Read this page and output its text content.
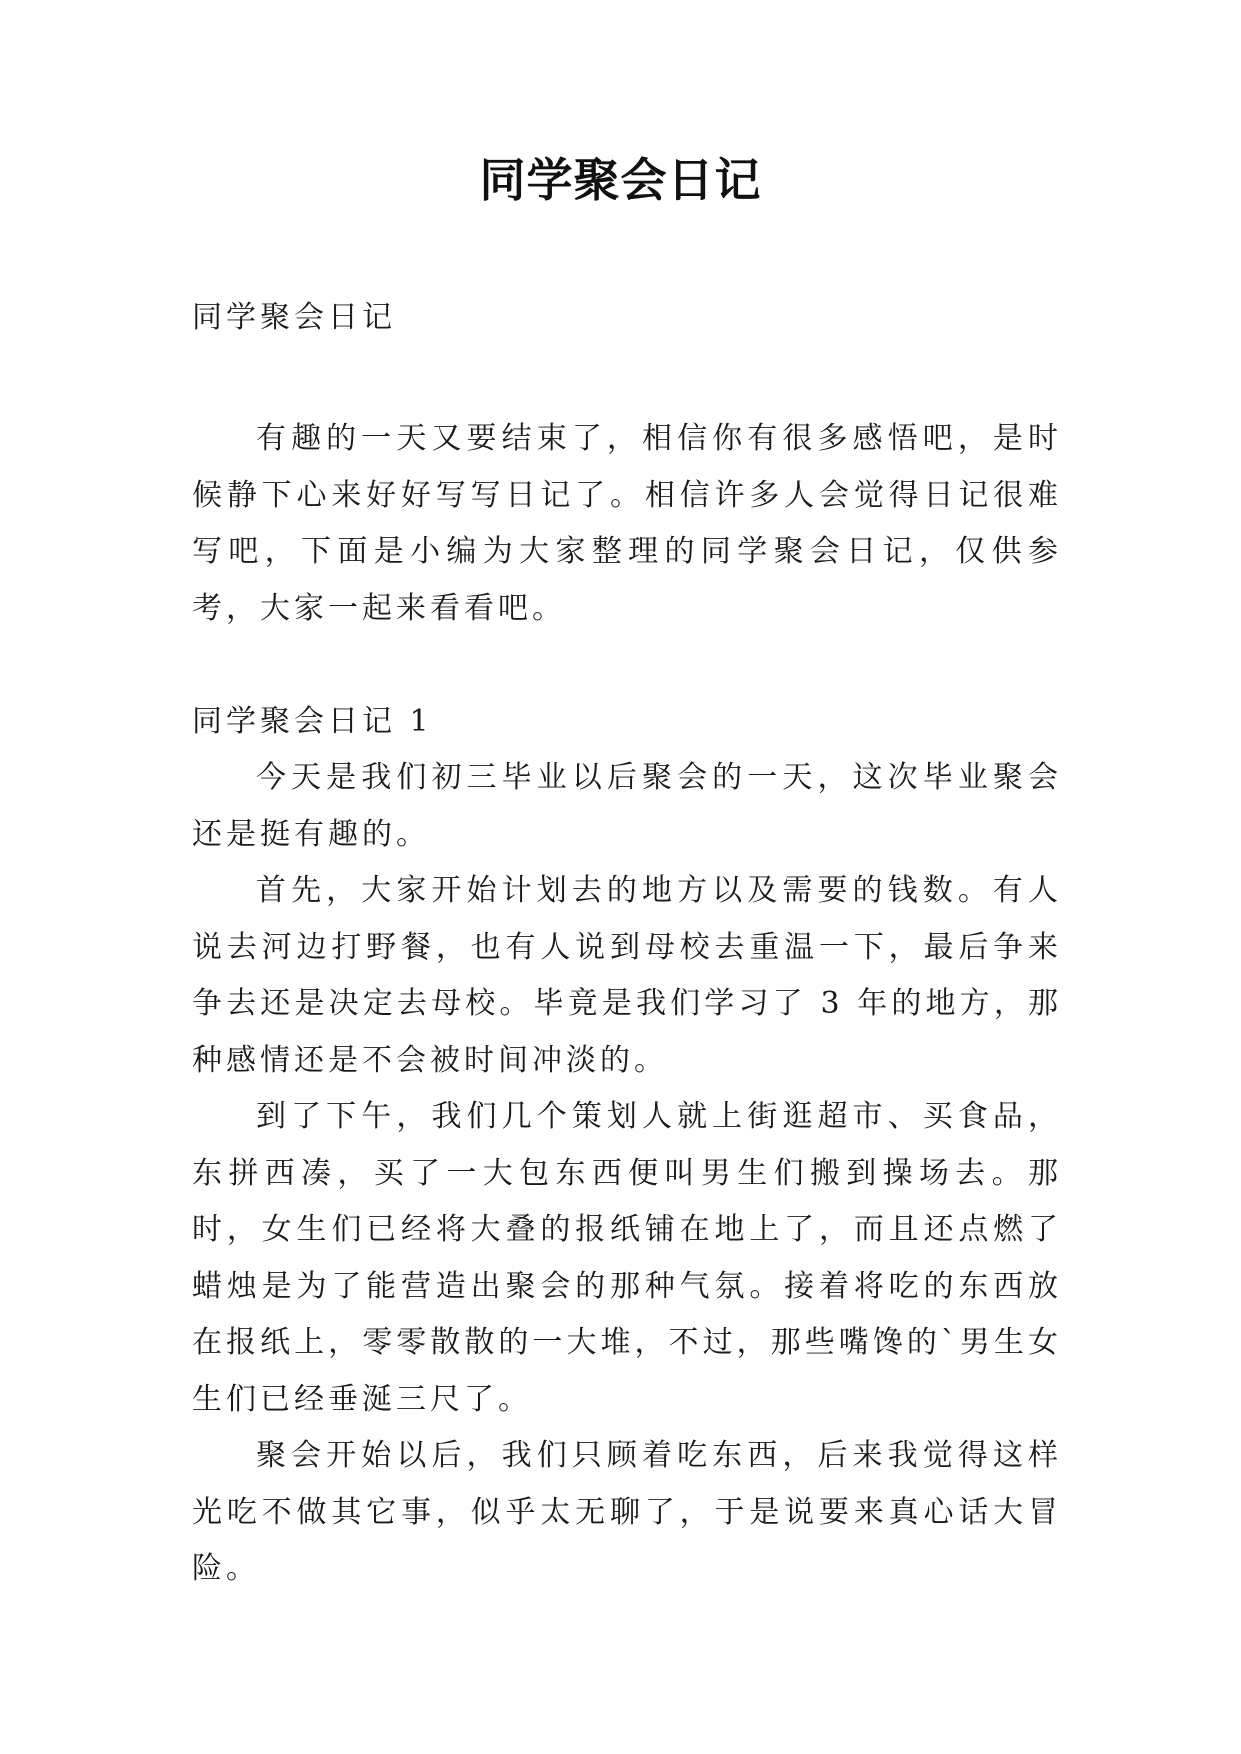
同学聚会日记

同学聚会日记

有趣的一天又要结束了，相信你有很多感悟吧，是时候静下心来好好写写日记了。相信许多人会觉得日记很难写吧，下面是小编为大家整理的同学聚会日记，仅供参考，大家一起来看看吧。

同学聚会日记 1

今天是我们初三毕业以后聚会的一天，这次毕业聚会还是挺有趣的。

首先，大家开始计划去的地方以及需要的钱数。有人说去河边打野餐，也有人说到母校去重温一下，最后争来争去还是决定去母校。毕竟是我们学习了 3 年的地方，那种感情还是不会被时间冲淡的。

到了下午，我们几个策划人就上街逛超市、买食品，东拼西凑，买了一大包东西便叫男生们搬到操场去。那时，女生们已经将大叠的报纸铺在地上了，而且还点燃了蜡烛是为了能营造出聚会的那种气氛。接着将吃的东西放在报纸上，零零散散的一大堆，不过，那些嘴馋的`男生女生们已经垂涎三尺了。

聚会开始以后，我们只顾着吃东西，后来我觉得这样光吃不做其它事，似乎太无聊了，于是说要来真心话大冒险。
